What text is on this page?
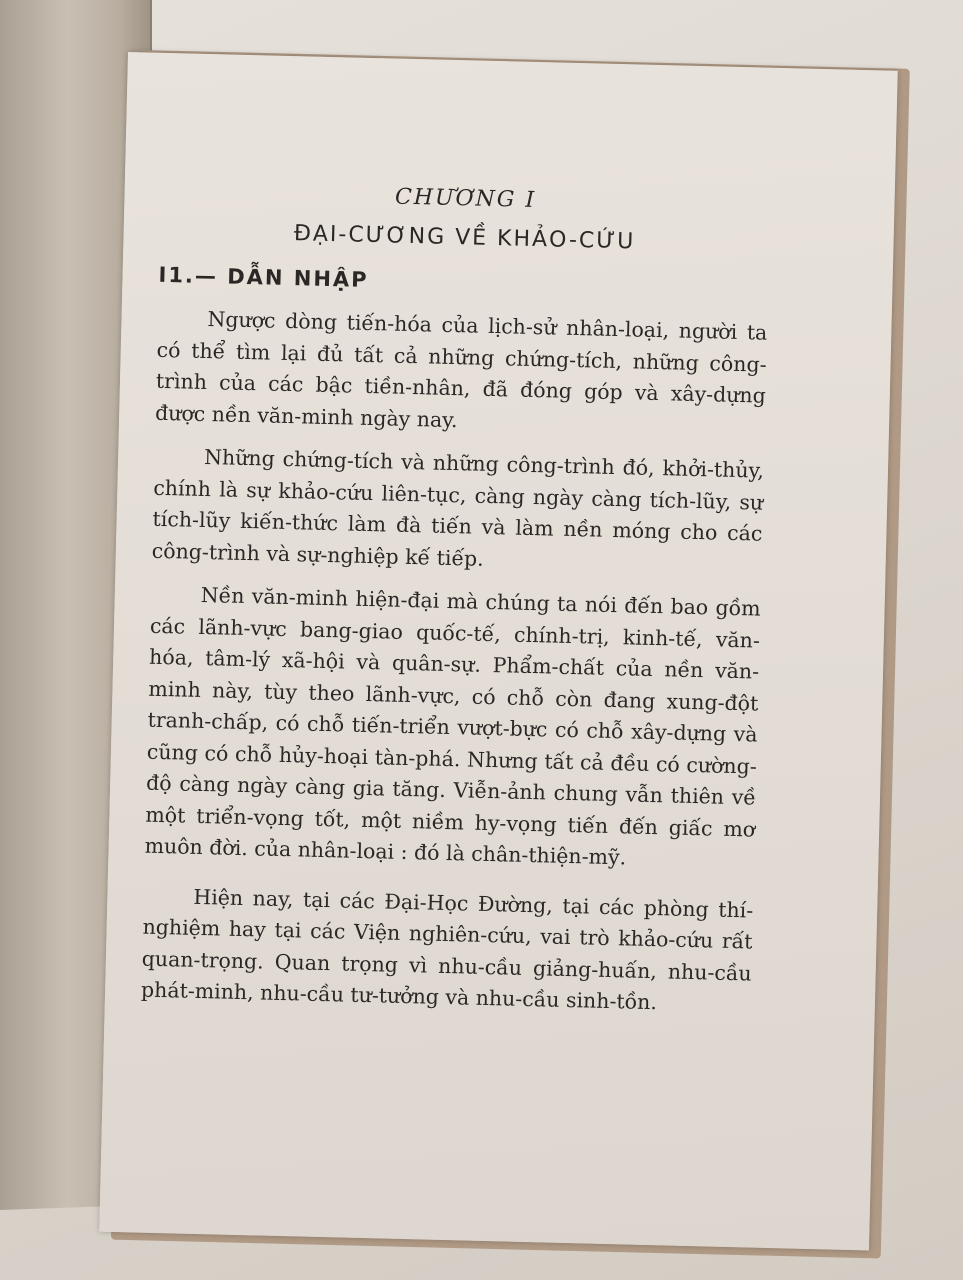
CHƯƠNG I
ĐẠI-CƯƠNG VỀ KHẢO-CỨU
I1.— DẪN NHẬP

Ngược dòng tiến-hóa của lịch-sử nhân-loại, người ta có thể tìm lại đủ tất cả những chứng-tích, những công-trình của các bậc tiền-nhân, đã đóng góp và xây-dựng được nền văn-minh ngày nay.

Những chứng-tích và những công-trình đó, khởi-thủy, chính là sự khảo-cứu liên-tục, càng ngày càng tích-lũy, sự tích-lũy kiến-thức làm đà tiến và làm nền móng cho các công-trình và sự-nghiệp kế tiếp.

Nền văn-minh hiện-đại mà chúng ta nói đến bao gồm các lãnh-vực bang-giao quốc-tế, chính-trị, kinh-tế, văn-hóa, tâm-lý xã-hội và quân-sự. Phẩm-chất của nền văn-minh này, tùy theo lãnh-vực, có chỗ còn đang xung-đột tranh-chấp, có chỗ tiến-triển vượt-bực có chỗ xây-dựng và cũng có chỗ hủy-hoại tàn-phá. Nhưng tất cả đều có cường-độ càng ngày càng gia tăng. Viễn-ảnh chung vẫn thiên về một triển-vọng tốt, một niềm hy-vọng tiến đến giấc mơ muôn đời. của nhân-loại : đó là chân-thiện-mỹ.

Hiện nay, tại các Đại-Học Đường, tại các phòng thí-nghiệm hay tại các Viện nghiên-cứu, vai trò khảo-cứu rất quan-trọng. Quan trọng vì nhu-cầu giảng-huấn, nhu-cầu phát-minh, nhu-cầu tư-tưởng và nhu-cầu sinh-tồn.
